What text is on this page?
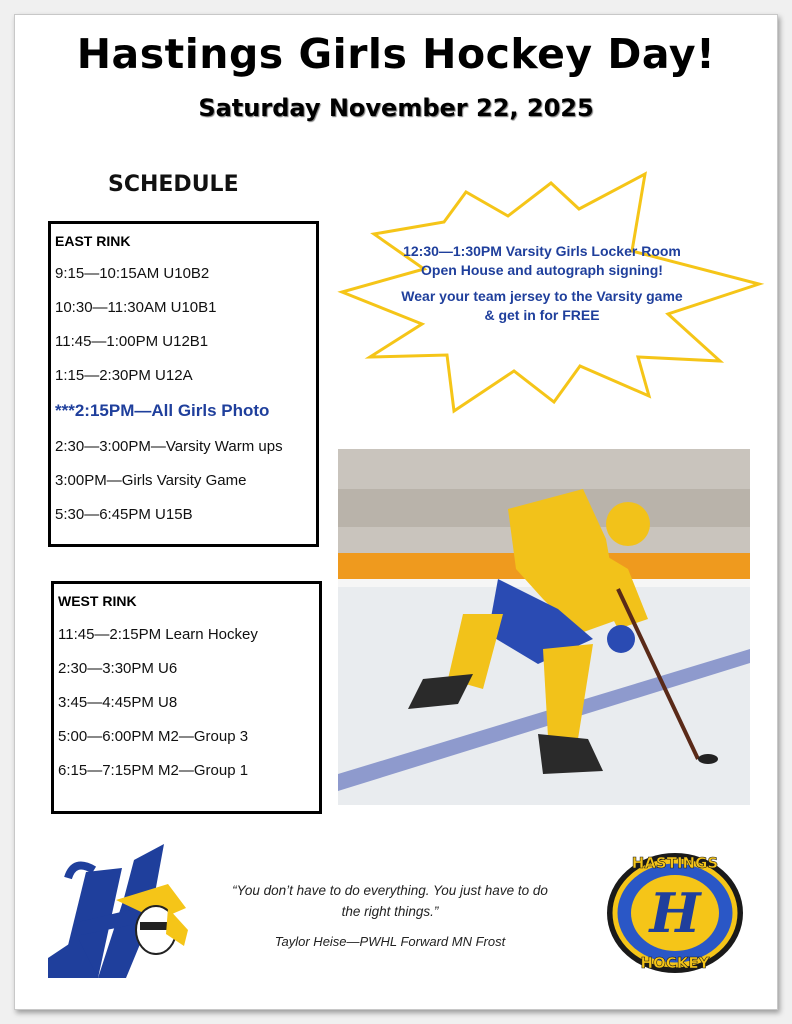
Hastings Girls Hockey Day!
Saturday November 22, 2025
SCHEDULE
EAST RINK
9:15—10:15AM U10B2
10:30—11:30AM U10B1
11:45—1:00PM U12B1
1:15—2:30PM U12A
***2:15PM—All Girls Photo
2:30—3:00PM—Varsity Warm ups
3:00PM—Girls Varsity Game
5:30—6:45PM U15B
WEST RINK
11:45—2:15PM Learn Hockey
2:30—3:30PM U6
3:45—4:45PM U8
5:00—6:00PM M2—Group 3
6:15—7:15PM M2—Group 1

12:30—1:30PM Varsity Girls Locker Room Open House and autograph signing!

Wear your team jersey to the Varsity game & get in for FREE

“You don’t have to do everything. You just have to do the right things.”
Taylor Heise—PWHL Forward MN Frost
HASTINGS
H
HOCKEY
